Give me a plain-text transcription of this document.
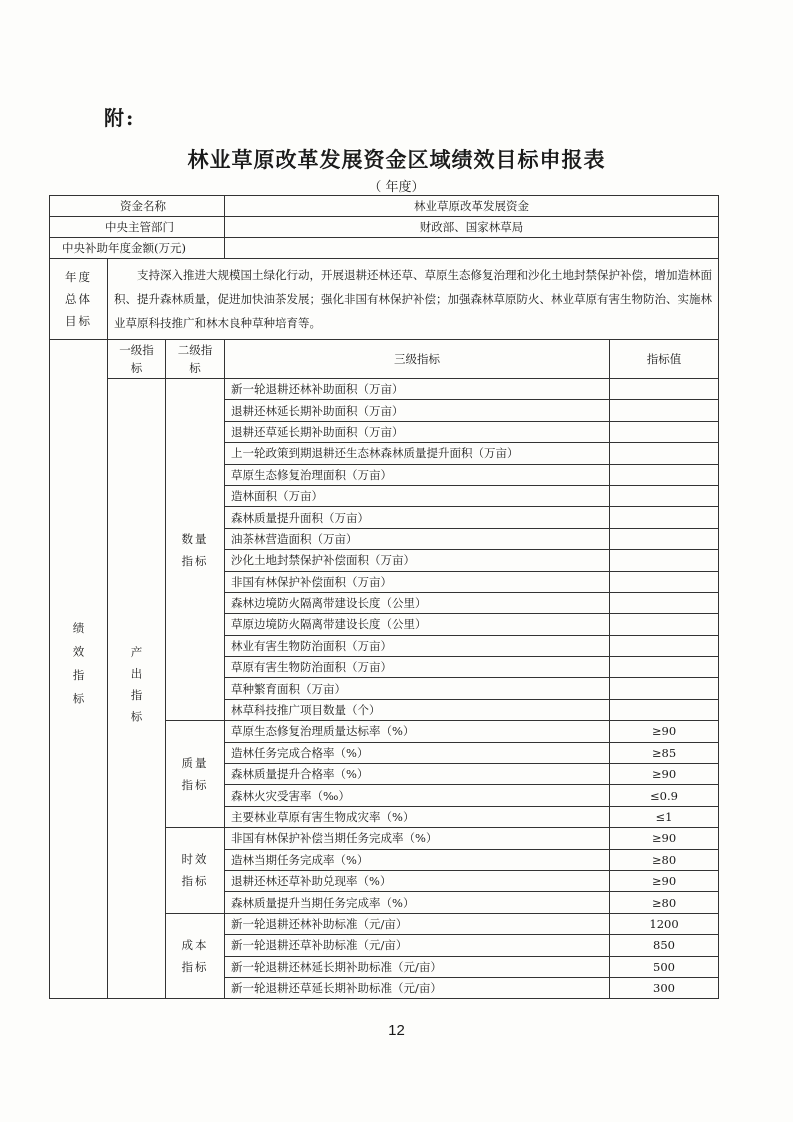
附:
林业草原改革发展资金区域绩效目标申报表
（ 年度）
资金名称			林业草原改革发展资金	
中央主管部门			财政部、国家林草局	
中央补助年度金额(万元)				

年度
总体
目标	支持深入推进大规模国土绿化行动，开展退耕还林还草、草原生态修复治理和沙化土地封禁保护补偿，增加造林面积、提升森林质量，促进加快油茶发展；强化非国有林保护补偿；加强森林草原防火、林业草原有害生物防治、实施林业草原科技推广和林木良种草种培育等。			

绩效指标	一级指标	二级指标	三级指标	指标值

	产出指标	数量指标	新一轮退耕还林补助面积（万亩）	
			退耕还林延长期补助面积（万亩）	
			退耕还草延长期补助面积（万亩）	
			上一轮政策到期退耕还生态林森林质量提升面积（万亩）	
			草原生态修复治理面积（万亩）	
			造林面积（万亩）	
			森林质量提升面积（万亩）	
			油茶林营造面积（万亩）	
			沙化土地封禁保护补偿面积（万亩）	
			非国有林保护补偿面积（万亩）	
			森林边境防火隔离带建设长度（公里）	
			草原边境防火隔离带建设长度（公里）	
			林业有害生物防治面积（万亩）	
			草原有害生物防治面积（万亩）	
			草种繁育面积（万亩）	
			林草科技推广项目数量（个）	

		质量指标	草原生态修复治理质量达标率（%）	≥90
			造林任务完成合格率（%）	≥85
			森林质量提升合格率（%）	≥90
			森林火灾受害率（‰）	≤0.9
			主要林业草原有害生物成灾率（%）	≤1

		时效指标	非国有林保护补偿当期任务完成率（%）	≥90
			造林当期任务完成率（%）	≥80
			退耕还林还草补助兑现率（%）	≥90
			森林质量提升当期任务完成率（%）	≥80

		成本指标	新一轮退耕还林补助标准（元/亩）	1200
			新一轮退耕还草补助标准（元/亩）	850
			新一轮退耕还林延长期补助标准（元/亩）	500
			新一轮退耕还草延长期补助标准（元/亩）	300
12
